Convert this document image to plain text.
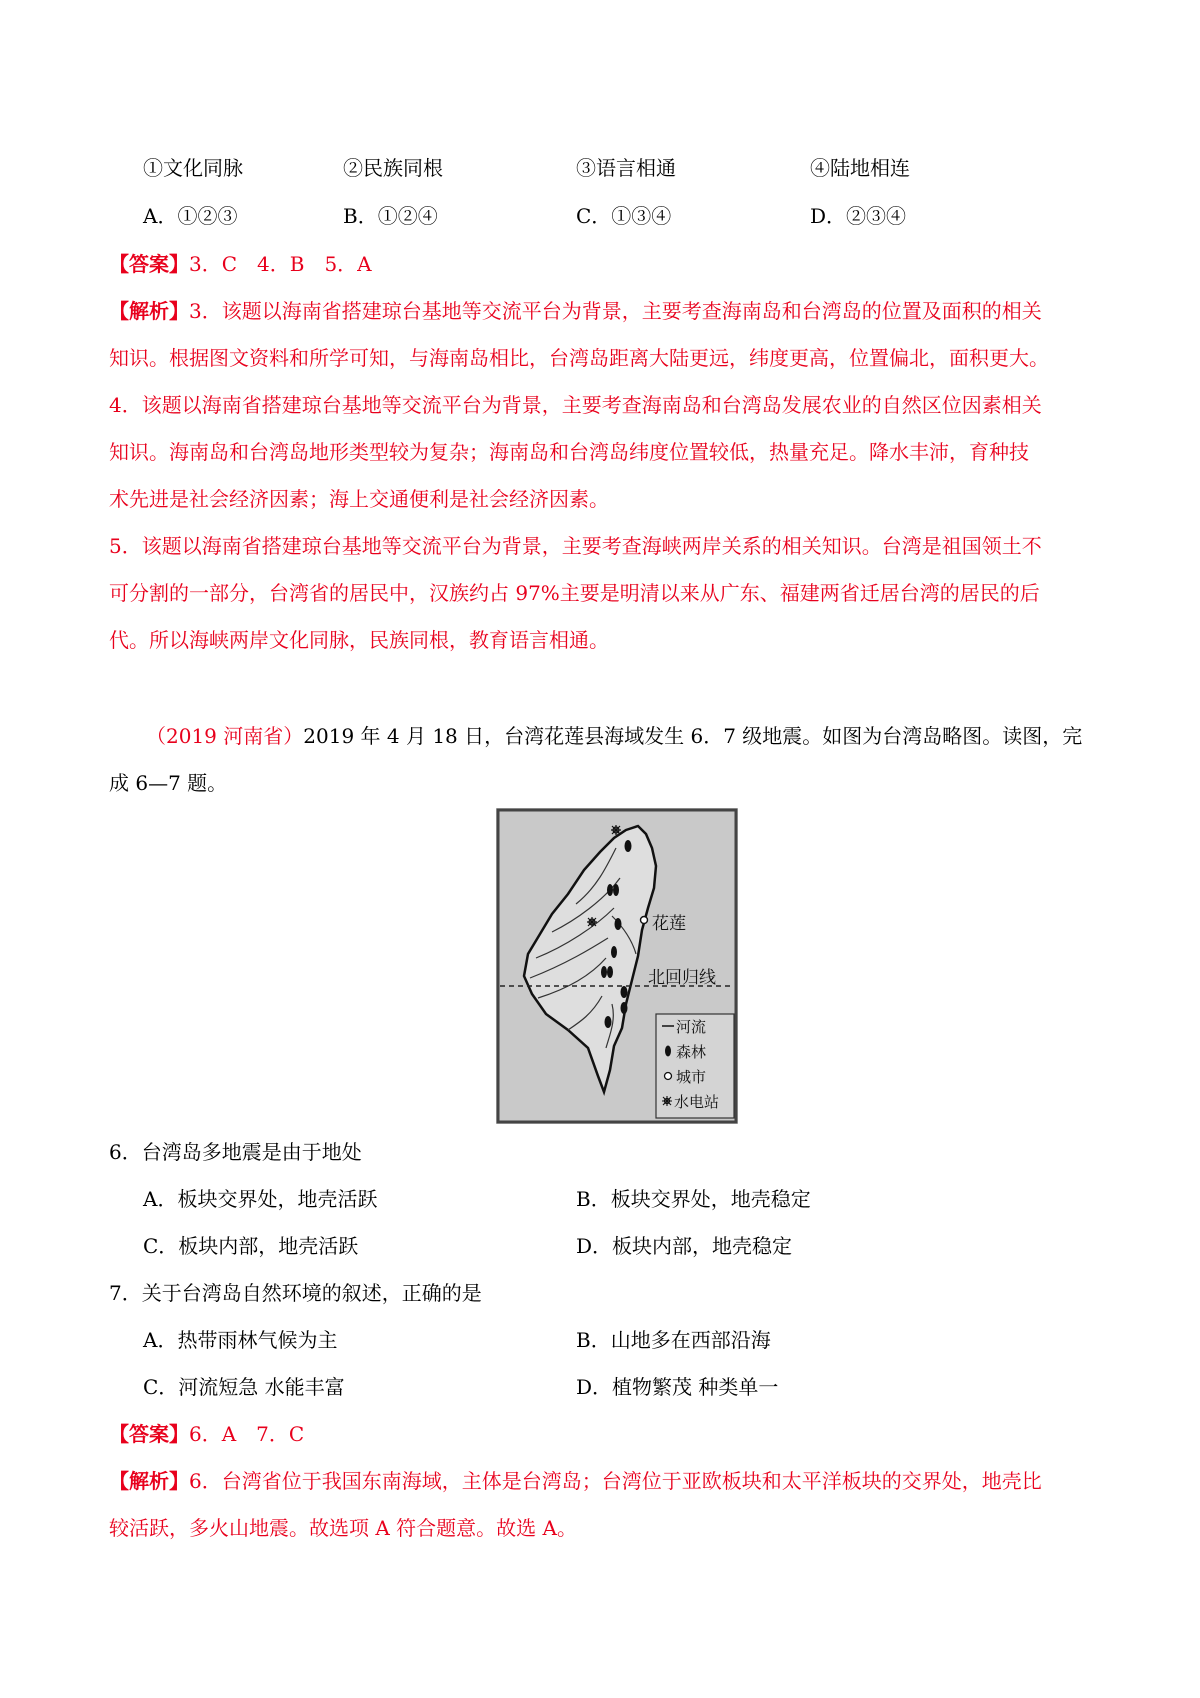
①文化同脉	②民族同根	③语言相通	④陆地相连
A．①②③	B．①②④	C．①③④	D．②③④
【答案】3．C　4．B　5．A
【解析】3．该题以海南省搭建琼台基地等交流平台为背景，主要考查海南岛和台湾岛的位置及面积的相关
知识。根据图文资料和所学可知，与海南岛相比，台湾岛距离大陆更远，纬度更高，位置偏北，面积更大。
4．该题以海南省搭建琼台基地等交流平台为背景，主要考查海南岛和台湾岛发展农业的自然区位因素相关
知识。海南岛和台湾岛地形类型较为复杂；海南岛和台湾岛纬度位置较低，热量充足。降水丰沛，育种技
术先进是社会经济因素；海上交通便利是社会经济因素。
5．该题以海南省搭建琼台基地等交流平台为背景，主要考查海峡两岸关系的相关知识。台湾是祖国领土不
可分割的一部分，台湾省的居民中，汉族约占 97%主要是明清以来从广东、福建两省迁居台湾的居民的后
代。所以海峡两岸文化同脉，民族同根，教育语言相通。
（2019 河南省）2019 年 4 月 18 日，台湾花莲县海域发生 6．7 级地震。如图为台湾岛略图。读图，完
成 6—7 题。
花莲
北回归线
河流
森林
城市
水电站
6．台湾岛多地震是由于地处
A．板块交界处，地壳活跃	B．板块交界处，地壳稳定
C．板块内部，地壳活跃	D．板块内部，地壳稳定
7．关于台湾岛自然环境的叙述，正确的是
A．热带雨林气候为主	B．山地多在西部沿海
C．河流短急 水能丰富	D．植物繁茂 种类单一
【答案】6．A　7．C
【解析】6．台湾省位于我国东南海域，主体是台湾岛；台湾位于亚欧板块和太平洋板块的交界处，地壳比
较活跃，多火山地震。故选项 A 符合题意。故选 A。
